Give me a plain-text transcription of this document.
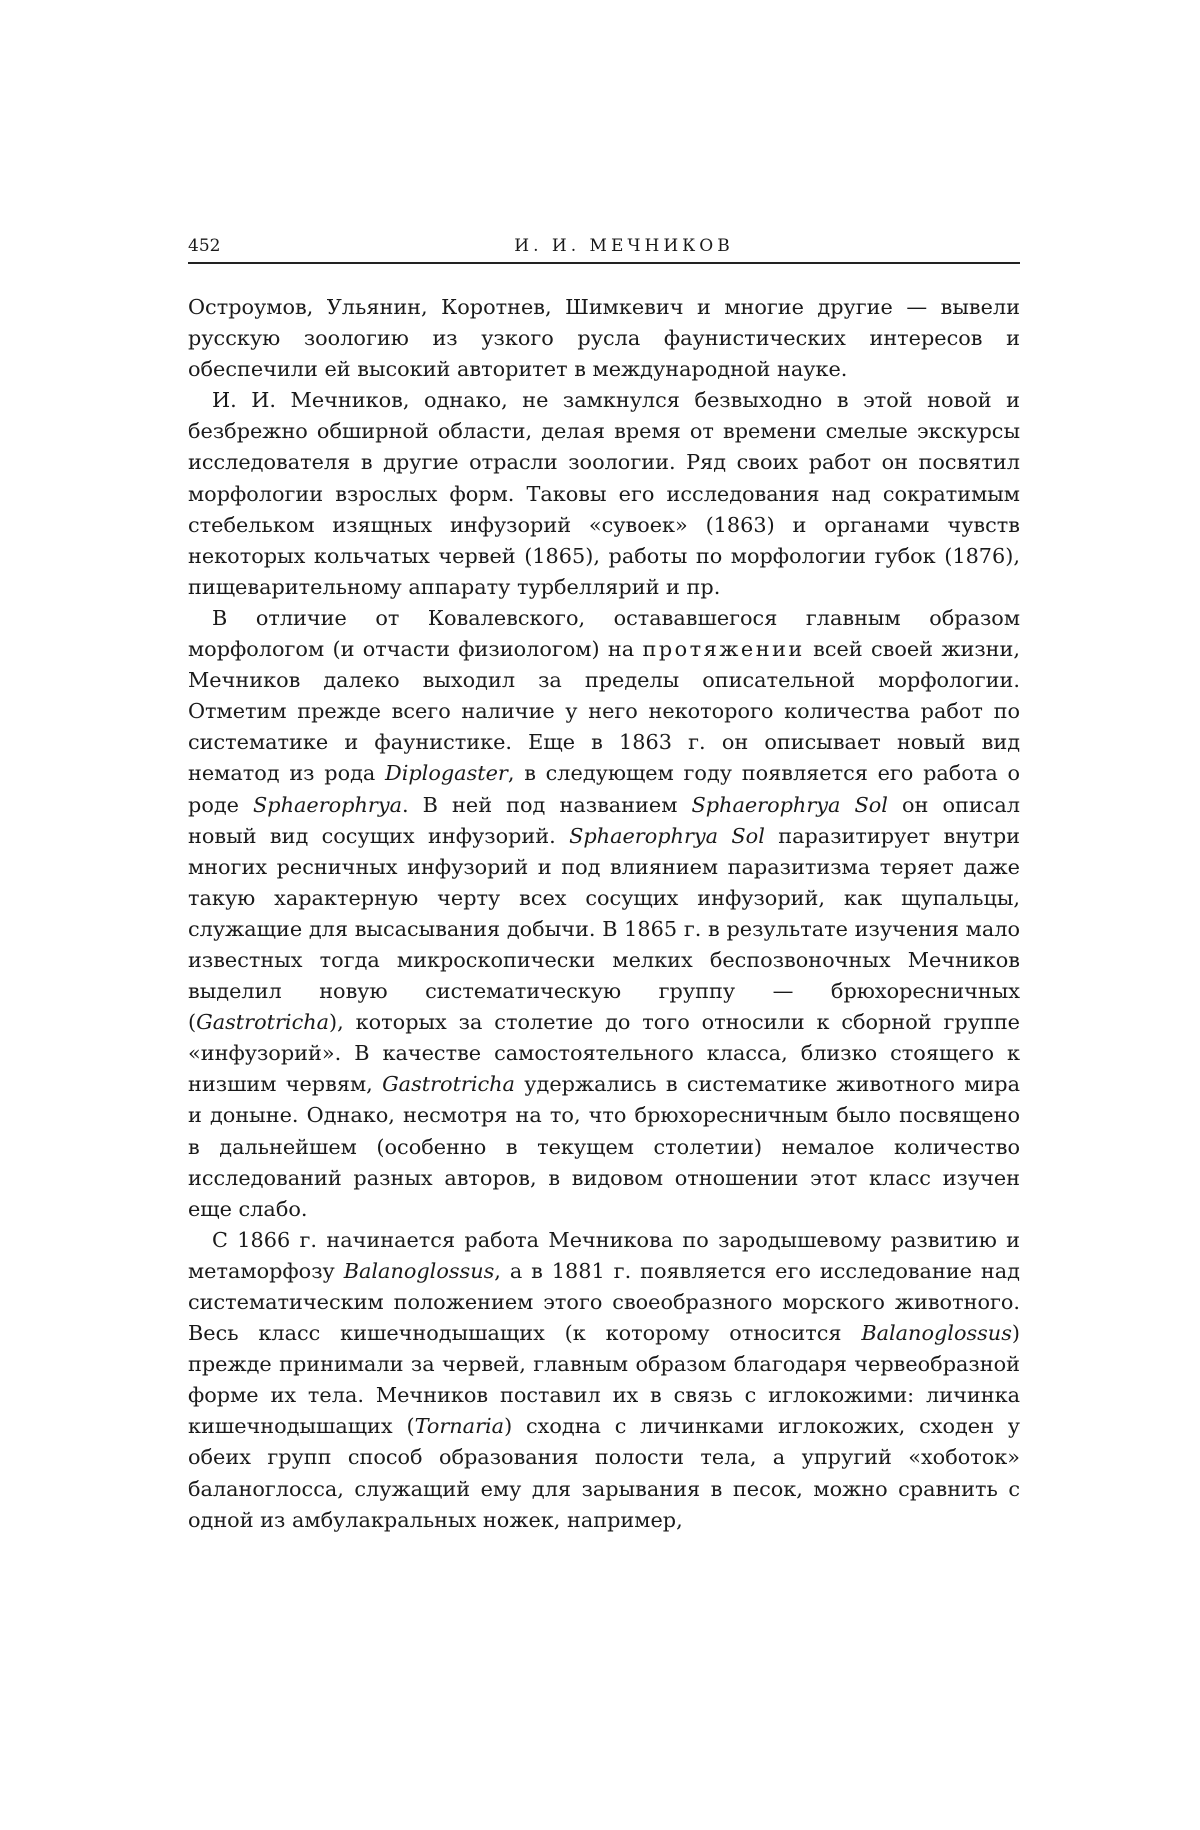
452	И. И. МЕЧНИКОВ

Остроумов, Ульянин, Коротнев, Шимкевич и многие другие — вывели русскую зоологию из узкого русла фаунистических интересов и обеспечили ей высокий авторитет в международной науке.

И. И. Мечников, однако, не замкнулся безвыходно в этой новой и безбрежно обширной области, делая время от времени смелые экскурсы исследователя в другие отрасли зоологии. Ряд своих работ он посвятил морфологии взрослых форм. Таковы его исследования над сократимым стебельком изящных инфузорий «сувоек» (1863) и органами чувств некоторых кольчатых червей (1865), работы по морфологии губок (1876), пищеварительному аппарату турбеллярий и пр.

В отличие от Ковалевского, остававшегося главным образом морфологом (и отчасти физиологом) на протяжении всей своей жизни, Мечников далеко выходил за пределы описательной морфологии. Отметим прежде всего наличие у него некоторого количества работ по систематике и фаунистике. Еще в 1863 г. он описывает новый вид нематод из рода Diplogaster, в следующем году появляется его работа о роде Sphaerophrya. В ней под названием Sphaerophrya Sol он описал новый вид сосущих инфузорий. Sphaerophrya Sol паразитирует внутри многих ресничных инфузорий и под влиянием паразитизма теряет даже такую характерную черту всех сосущих инфузорий, как щупальцы, служащие для высасывания добычи. В 1865 г. в результате изучения мало известных тогда микроскопически мелких беспозвоночных Мечников выделил новую систематическую группу — брюхоресничных (Gastrotricha), которых за столетие до того относили к сборной группе «инфузорий». В качестве самостоятельного класса, близко стоящего к низшим червям, Gastrotricha удержались в систематике животного мира и доныне. Однако, несмотря на то, что брюхоресничным было посвящено в дальнейшем (особенно в текущем столетии) немалое количество исследований разных авторов, в видовом отношении этот класс изучен еще слабо.

С 1866 г. начинается работа Мечникова по зародышевому развитию и метаморфозу Balanoglossus, а в 1881 г. появляется его исследование над систематическим положением этого своеобразного морского животного. Весь класс кишечнодышащих (к которому относится Balanoglossus) прежде принимали за червей, главным образом благодаря червеобразной форме их тела. Мечников поставил их в связь с иглокожими: личинка кишечнодышащих (Tornaria) сходна с личинками иглокожих, сходен у обеих групп способ образования полости тела, а упругий «хоботок» баланоглосса, служащий ему для зарывания в песок, можно сравнить с одной из амбулакральных ножек, например,
